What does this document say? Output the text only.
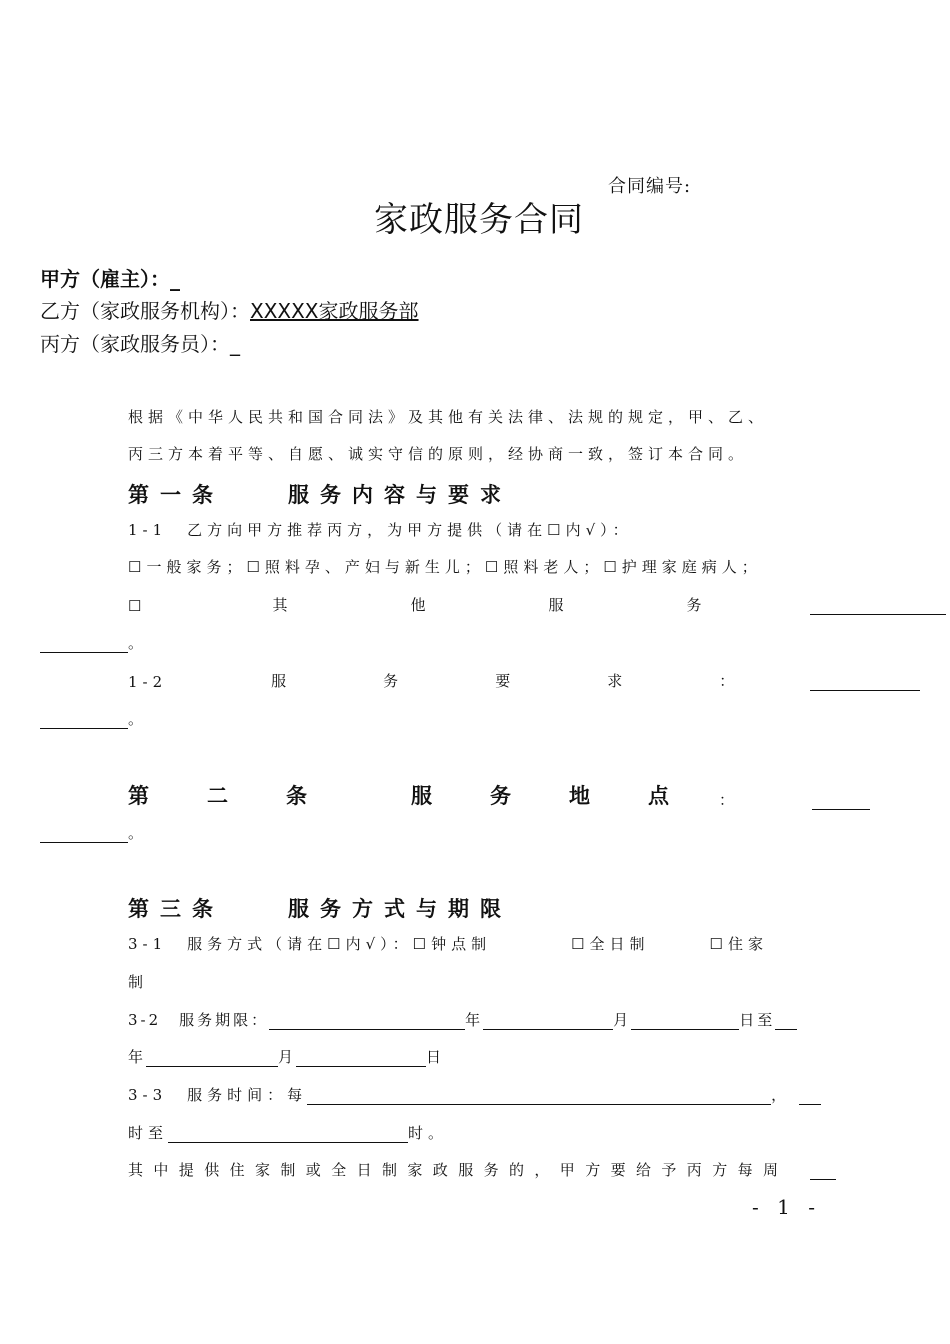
合同编号:
家政服务合同
甲方（雇主）：_
乙方（家政服务机构）：XXXXX家政服务部
丙方（家政服务员）：_
根据《中华人民共和国合同法》及其他有关法律、法规的规定，甲、乙、
丙三方本着平等、自愿、诚实守信的原则，经协商一致，签订本合同。
第一条　　服务内容与要求
1-1　乙方向甲方推荐丙方，为甲方提供（请在☐内√）：
☐一般家务；☐照料孕、产妇与新生儿；☐照料老人；☐护理家庭病人；
☐	其	他	服	务
。
1-2	服	务	要	求	：
。
第	二	条	服	务	地	点	：
。
第三条　　服务方式与期限
3-1　服务方式（请在☐内√）：☐钟点制　　　　☐全日制　　　☐住家
制
3-2　服务期限：	年	月	日 至
年	月	日
3-3　服务时间：每	，
时至	时。
其中提供住家制或全日制家政服务的，甲方要给予丙方每周
- 1 -
